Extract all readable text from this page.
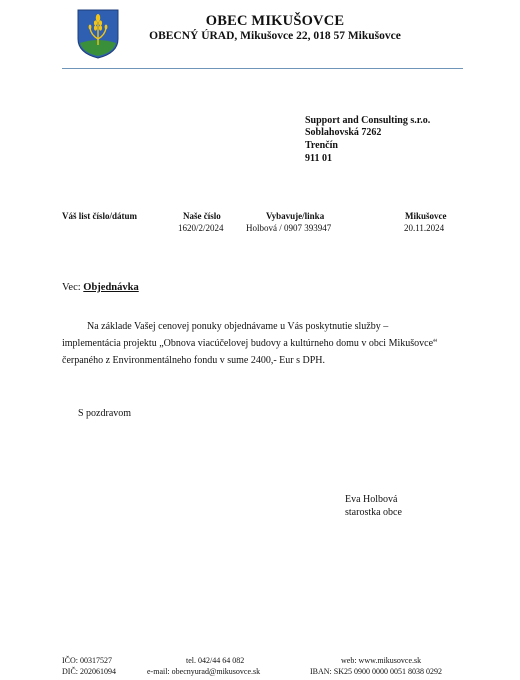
OBEC MIKUŠOVCE
OBECNÝ ÚRAD, Mikušovce 22, 018 57 Mikušovce
Support and Consulting s.r.o.
Soblahovská 7262
Trenčín
911 01
Váš list číslo/dátum	Naše číslo
1620/2/2024
Vybavuje/linka
Holbová / 0907 393947
Mikušovce
20.11.2024
Vec: Objednávka
Na základe Vašej cenovej ponuky objednávame u Vás poskytnutie služby –
implementácia projektu „Obnova viacúčelovej budovy a kultúrneho domu v obci Mikušovce“
čerpaného z Environmentálneho fondu v sume 2400,- Eur s DPH.
S pozdravom
Eva Holbová
starostka obce
IČO: 00317527
DIČ: 202061094
tel. 042/44 64 082
e-mail: obecnyurad@mikusovce.sk
web: www.mikusovce.sk
IBAN: SK25 0900 0000 0051 8038 0292
